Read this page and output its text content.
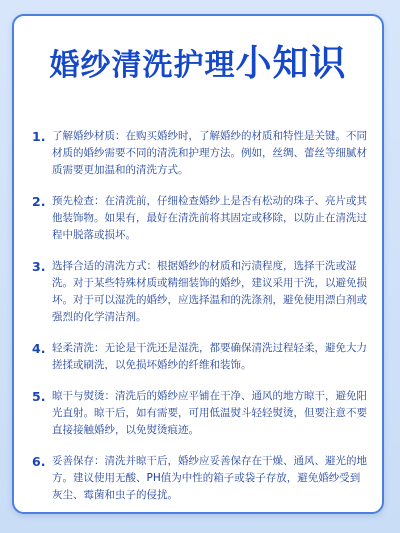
婚纱清洗护理小知识
1. 了解婚纱材质：在购买婚纱时，了解婚纱的材质和特性是关键。不同材质的婚纱需要不同的清洗和护理方法。例如，丝绸、蕾丝等细腻材质需要更加温和的清洗方式。
2. 预先检查：在清洗前，仔细检查婚纱上是否有松动的珠子、亮片或其他装饰物。如果有，最好在清洗前将其固定或移除，以防止在清洗过程中脱落或损坏。
3. 选择合适的清洗方式：根据婚纱的材质和污渍程度，选择干洗或湿洗。对于某些特殊材质或精细装饰的婚纱，建议采用干洗，以避免损坏。对于可以湿洗的婚纱，应选择温和的洗涤剂，避免使用漂白剂或强烈的化学清洁剂。
4. 轻柔清洗：无论是干洗还是湿洗，都要确保清洗过程轻柔，避免大力搓揉或刷洗，以免损坏婚纱的纤维和装饰。
5. 晾干与熨烫：清洗后的婚纱应平铺在干净、通风的地方晾干，避免阳光直射。晾干后，如有需要，可用低温熨斗轻轻熨烫，但要注意不要直接接触婚纱，以免熨烫痕迹。
6. 妥善保存：清洗并晾干后，婚纱应妥善保存在干燥、通风、避光的地方。建议使用无酸、PH值为中性的箱子或袋子存放，避免婚纱受到灰尘、霉菌和虫子的侵扰。
